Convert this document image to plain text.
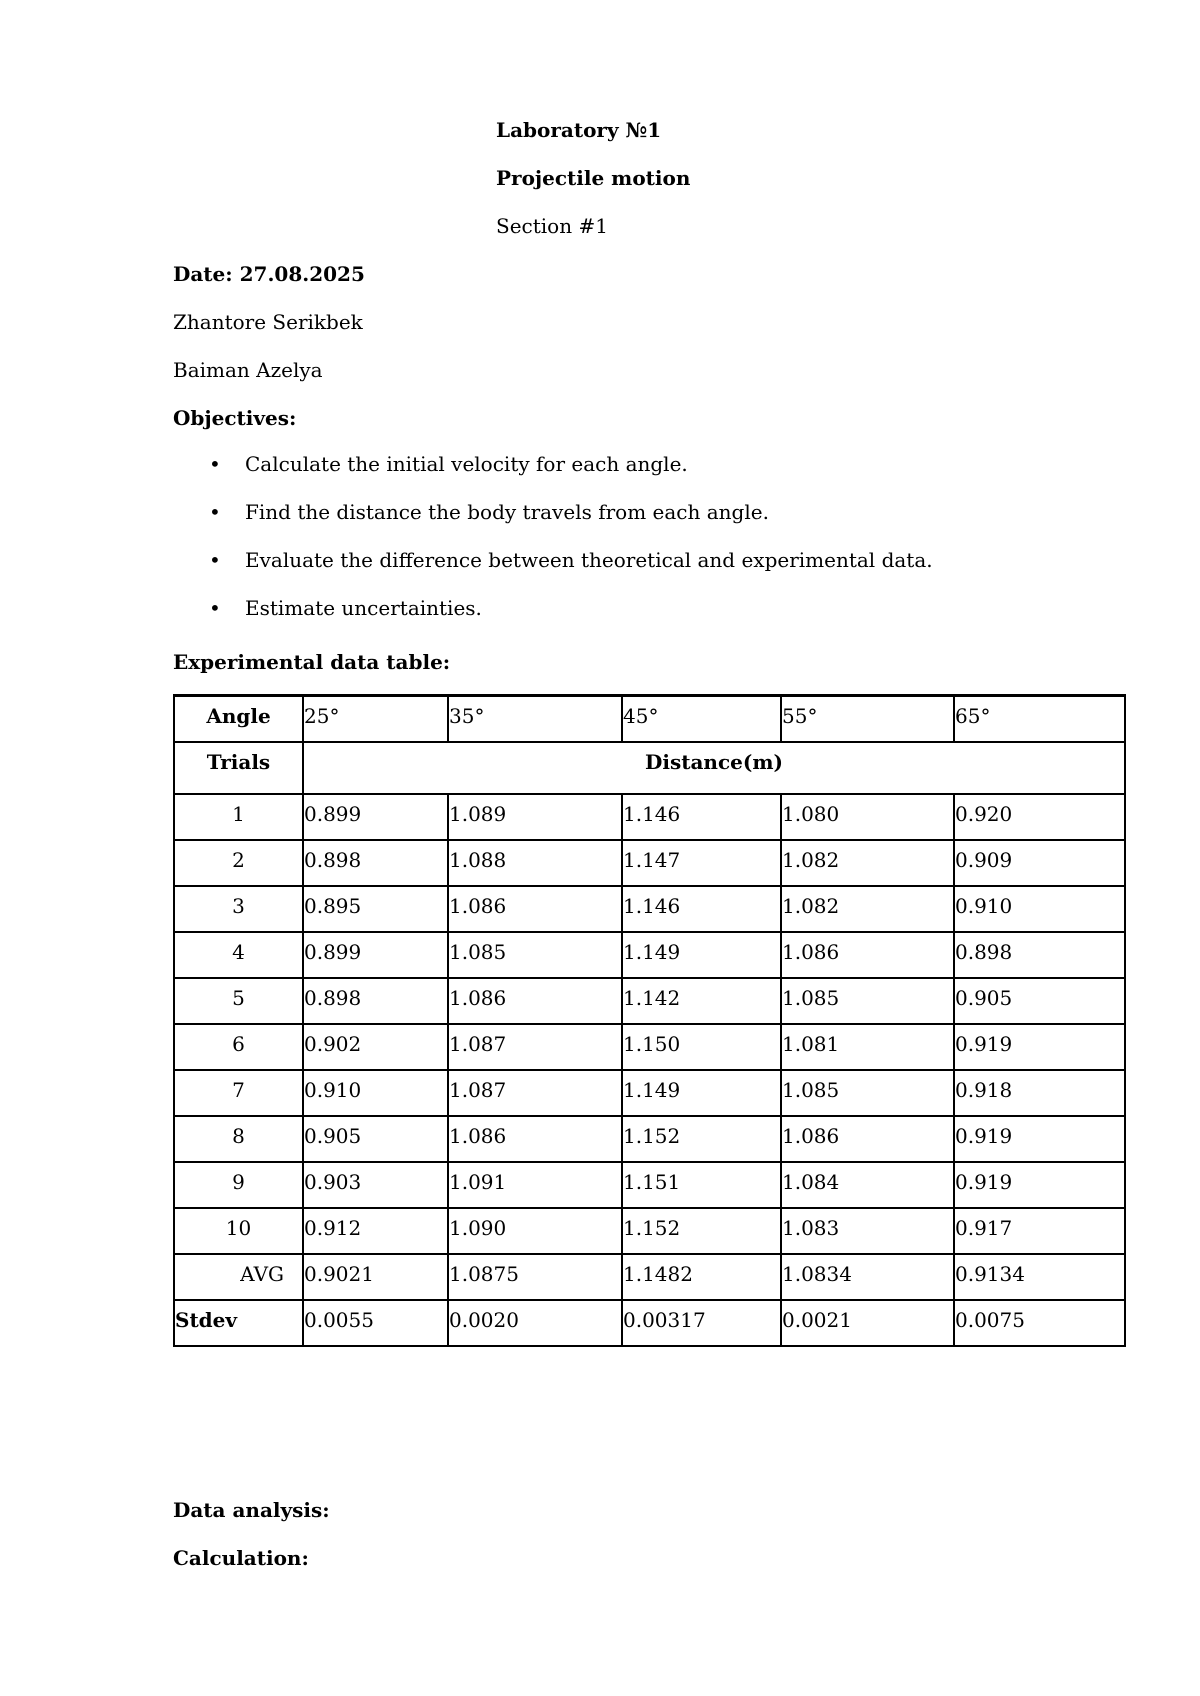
Laboratory №1
Projectile motion
Section #1
Date: 27.08.2025
Zhantore Serikbek
Baiman Azelya
Objectives:
• Calculate the initial velocity for each angle.
• Find the distance the body travels from each angle.
• Evaluate the difference between theoretical and experimental data.
• Estimate uncertainties.
Experimental data table:
Angle	25°	35°	45°	55°	65°
Trials	Distance(m)				
1	0.899	1.089	1.146	1.080	0.920
2	0.898	1.088	1.147	1.082	0.909
3	0.895	1.086	1.146	1.082	0.910
4	0.899	1.085	1.149	1.086	0.898
5	0.898	1.086	1.142	1.085	0.905
6	0.902	1.087	1.150	1.081	0.919
7	0.910	1.087	1.149	1.085	0.918
8	0.905	1.086	1.152	1.086	0.919
9	0.903	1.091	1.151	1.084	0.919
10	0.912	1.090	1.152	1.083	0.917
AVG	0.9021	1.0875	1.1482	1.0834	0.9134
Stdev	0.0055	0.0020	0.00317	0.0021	0.0075
Data analysis:
Calculation:
